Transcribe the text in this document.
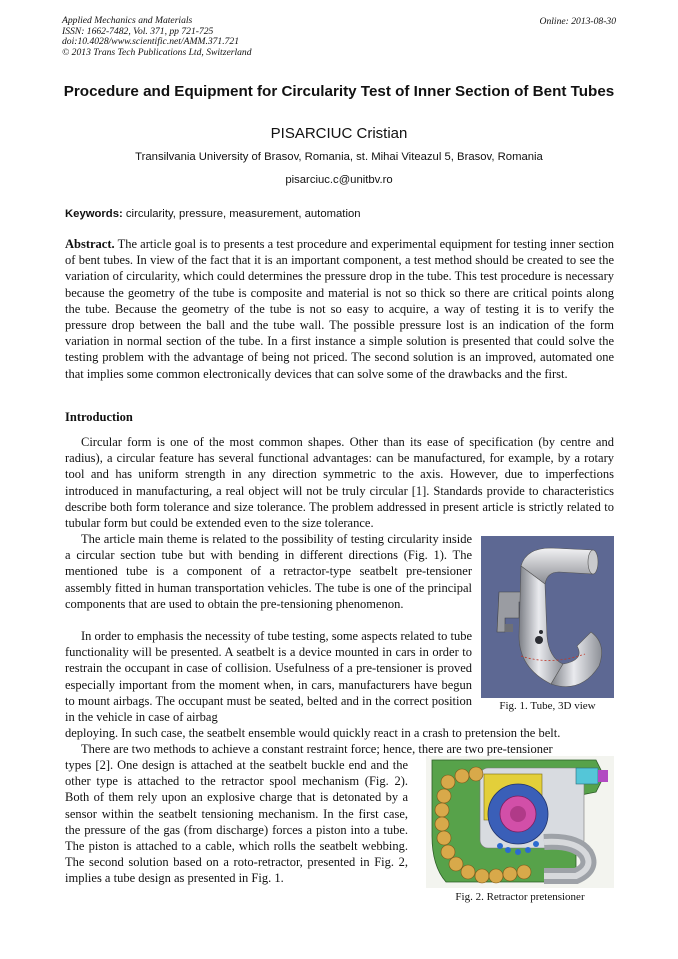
Applied Mechanics and Materials
ISSN: 1662-7482, Vol. 371, pp 721-725
doi:10.4028/www.scientific.net/AMM.371.721
© 2013 Trans Tech Publications Ltd, Switzerland
Online: 2013-08-30
Procedure and Equipment for Circularity Test of Inner Section of Bent Tubes
PISARCIUC Cristian
Transilvania University of Brasov, Romania, st. Mihai Viteazul 5, Brasov, Romania
pisarciuc.c@unitbv.ro
Keywords: circularity, pressure, measurement, automation
Abstract. The article goal is to presents a test procedure and experimental equipment for testing inner section of bent tubes. In view of the fact that it is an important component, a test method should be created to see the variation of circularity, which could determines the pressure drop in the tube. This test procedure is necessary because the geometry of the tube is composite and material is not so thick so there are critical points along the tube. Because the geometry of the tube is not so easy to acquire, a way of testing it is to verify the pressure drop between the ball and the tube wall. The possible pressure lost is an indication of the form variation in normal section of the tube. In a first instance a simple solution is presented that could solve the testing problem with the advantage of being not priced. The second solution is an improved, automated one that implies some common electronically devices that can solve some of the drawbacks and the first.
Introduction
Circular form is one of the most common shapes. Other than its ease of specification (by centre and radius), a circular feature has several functional advantages: can be manufactured, for example, by a rotary tool and has uniform strength in any direction symmetric to the axis. However, due to imperfections introduced in manufacturing, a real object will not be truly circular [1]. Standards provide to characteristics describe both form tolerance and size tolerance. The problem addressed in present article is strictly related to tubular form but could be extended even to the size tolerance.
The article main theme is related to the possibility of testing circularity inside a circular section tube but with bending in different directions (Fig. 1). The mentioned tube is a component of a retractor-type seatbelt pre-tensioner assembly fitted in human transportation vehicles. The tube is one of the principal components that are used to obtain the pre-tensioning phenomenon.
In order to emphasis the necessity of tube testing, some aspects related to tube functionality will be presented. A seatbelt is a device mounted in cars in order to restrain the occupant in case of collision. Usefulness of a pre-tensioner is proved especially important from the moment when, in cars, manufacturers have begun to mount airbags. The occupant must be seated, belted and in the correct position in the vehicle in case of airbag
deploying. In such case, the seatbelt ensemble would quickly react in a crash to pretension the belt.
There are two methods to achieve a constant restraint force; hence, there are two pre-tensioner
types [2]. One design is attached at the seatbelt buckle end and the other type is attached to the retractor spool mechanism (Fig. 2). Both of them rely upon an explosive charge that is detonated by a sensor within the seatbelt tensioning mechanism. In the first case, the pressure of the gas (from discharge) forces a piston into a tube. The piston is attached to a cable, which rolls the seatbelt webbing. The second solution based on a roto-retractor, presented in Fig. 2, implies a tube design as presented in Fig. 1.
Fig. 1. Tube, 3D view
Fig. 2. Retractor pretensioner
